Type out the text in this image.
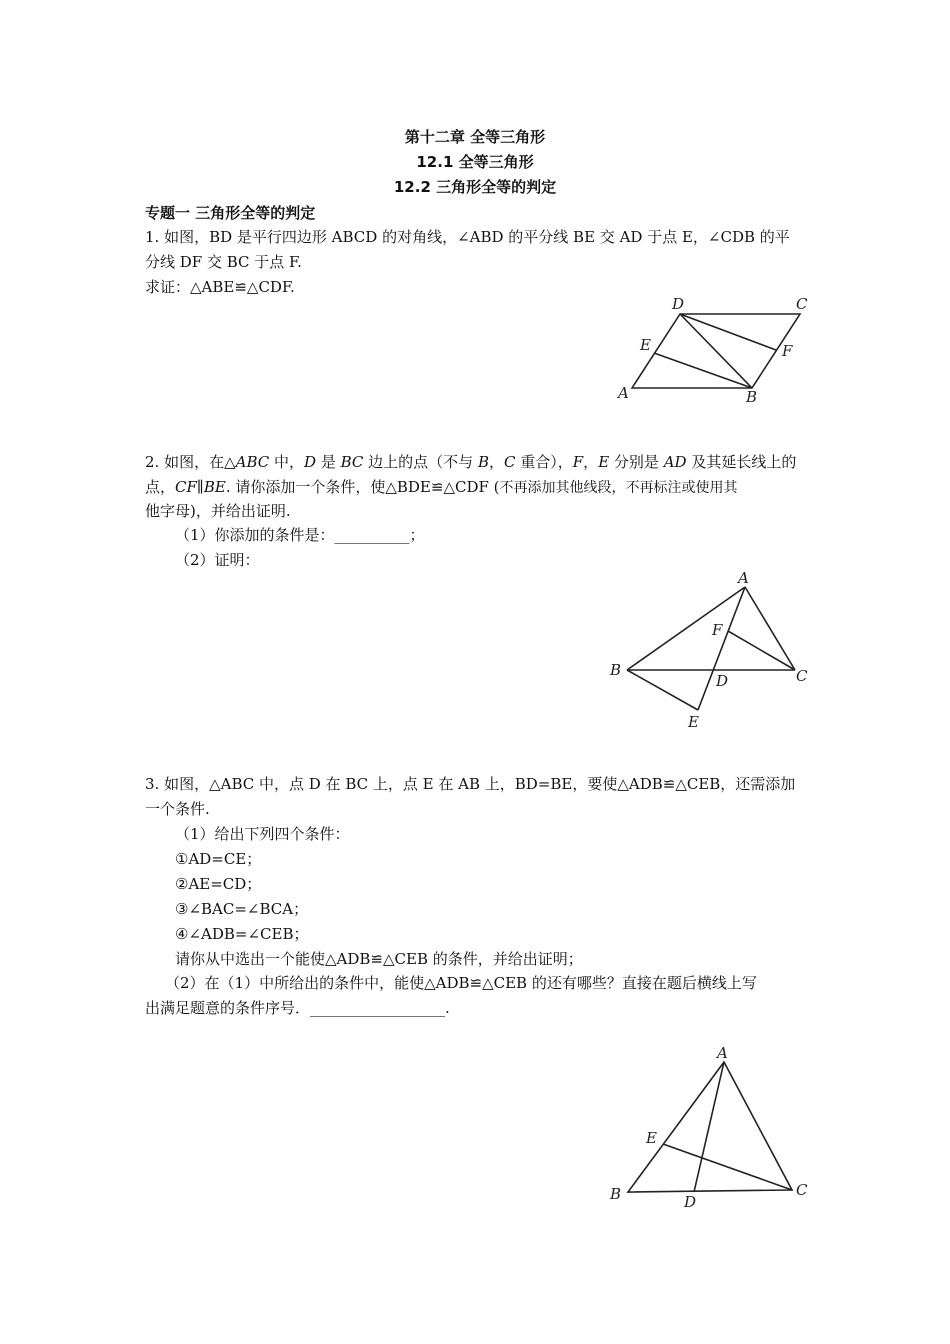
第十二章 全等三角形
12.1 全等三角形
12.2 三角形全等的判定
专题一 三角形全等的判定
1. 如图，BD 是平行四边形 ABCD 的对角线，∠ABD 的平分线 BE 交 AD 于点 E，∠CDB 的平
分线 DF 交 BC 于点 F.
求证：△ABE≌△CDF.
D	C
E	F
A	B
2. 如图，在△ABC 中，D 是 BC 边上的点（不与 B，C 重合），F，E 分别是 AD 及其延长线上的
点，CF∥BE. 请你添加一个条件，使△BDE≌△CDF (不再添加其他线段，不再标注或使用其
他字母)，并给出证明.
（1）你添加的条件是：__________；
（2）证明：
A
F
B	C
D
E
3. 如图，△ABC 中，点 D 在 BC 上，点 E 在 AB 上，BD=BE，要使△ADB≌△CEB，还需添加
一个条件.
（1）给出下列四个条件：
①AD=CE；
②AE=CD；
③∠BAC=∠BCA；
④∠ADB=∠CEB；
请你从中选出一个能使△ADB≌△CEB 的条件，并给出证明；
（2）在（1）中所给出的条件中，能使△ADB≌△CEB 的还有哪些？直接在题后横线上写
出满足题意的条件序号．__________________.
A
E
B	C
D
